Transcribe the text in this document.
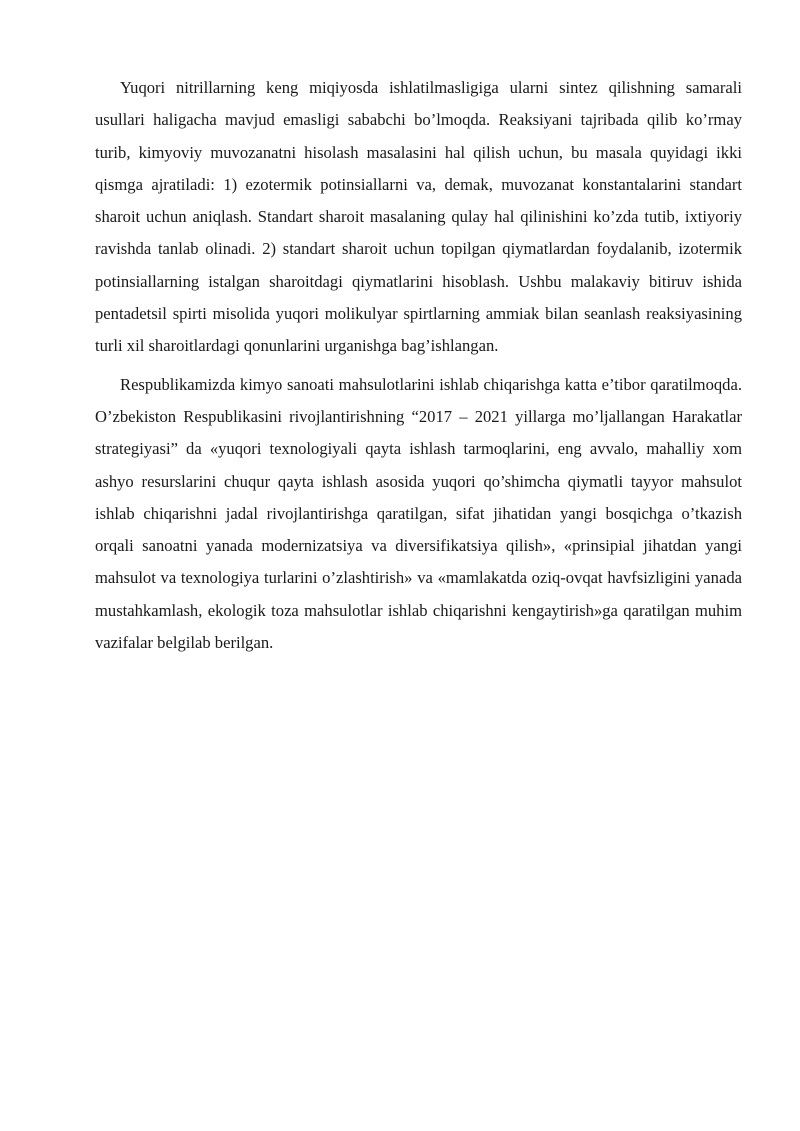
Yuqori nitrillarning keng miqiyosda ishlatilmasligiga ularni sintez qilishning samarali usullari haligacha mavjud emasligi sababchi bo’lmoqda. Reaksiyani tajribada qilib ko’rmay turib, kimyoviy muvozanatni hisolash masalasini hal qilish uchun, bu masala quyidagi ikki qismga ajratiladi: 1) ezotermik potinsiallarni va, demak, muvozanat konstantalarini standart sharoit uchun aniqlash. Standart sharoit masalaning qulay hal qilinishini ko’zda tutib, ixtiyoriy ravishda tanlab olinadi. 2) standart sharoit uchun topilgan qiymatlardan foydalanib, izotermik potinsiallarning istalgan sharoitdagi qiymatlarini hisoblash. Ushbu malakaviy bitiruv ishida pentadetsil spirti misolida yuqori molikulyar spirtlarning ammiak bilan seanlash reaksiyasining turli xil sharoitlardagi qonunlarini urganishga bag’ishlangan.

Respublikamizda kimyo sanoati mahsulotlarini ishlab chiqarishga katta e’tibor qaratilmoqda. O’zbekiston Respublikasini rivojlantirishning “2017 – 2021 yillarga mo’ljallangan Harakatlar strategiyasi” da «yuqori texnologiyali qayta ishlash tarmoqlarini, eng avvalo, mahalliy xom ashyo resurslarini chuqur qayta ishlash asosida yuqori qo’shimcha qiymatli tayyor mahsulot ishlab chiqarishni jadal rivojlantirishga qaratilgan, sifat jihatidan yangi bosqichga o’tkazish orqali sanoatni yanada modernizatsiya va diversifikatsiya qilish», «prinsipial jihatdan yangi mahsulot va texnologiya turlarini o’zlashtirish» va «mamlakatda oziq-ovqat havfsizligini yanada mustahkamlash, ekologik toza mahsulotlar ishlab chiqarishni kengaytirish»ga qaratilgan muhim vazifalar belgilab berilgan.
